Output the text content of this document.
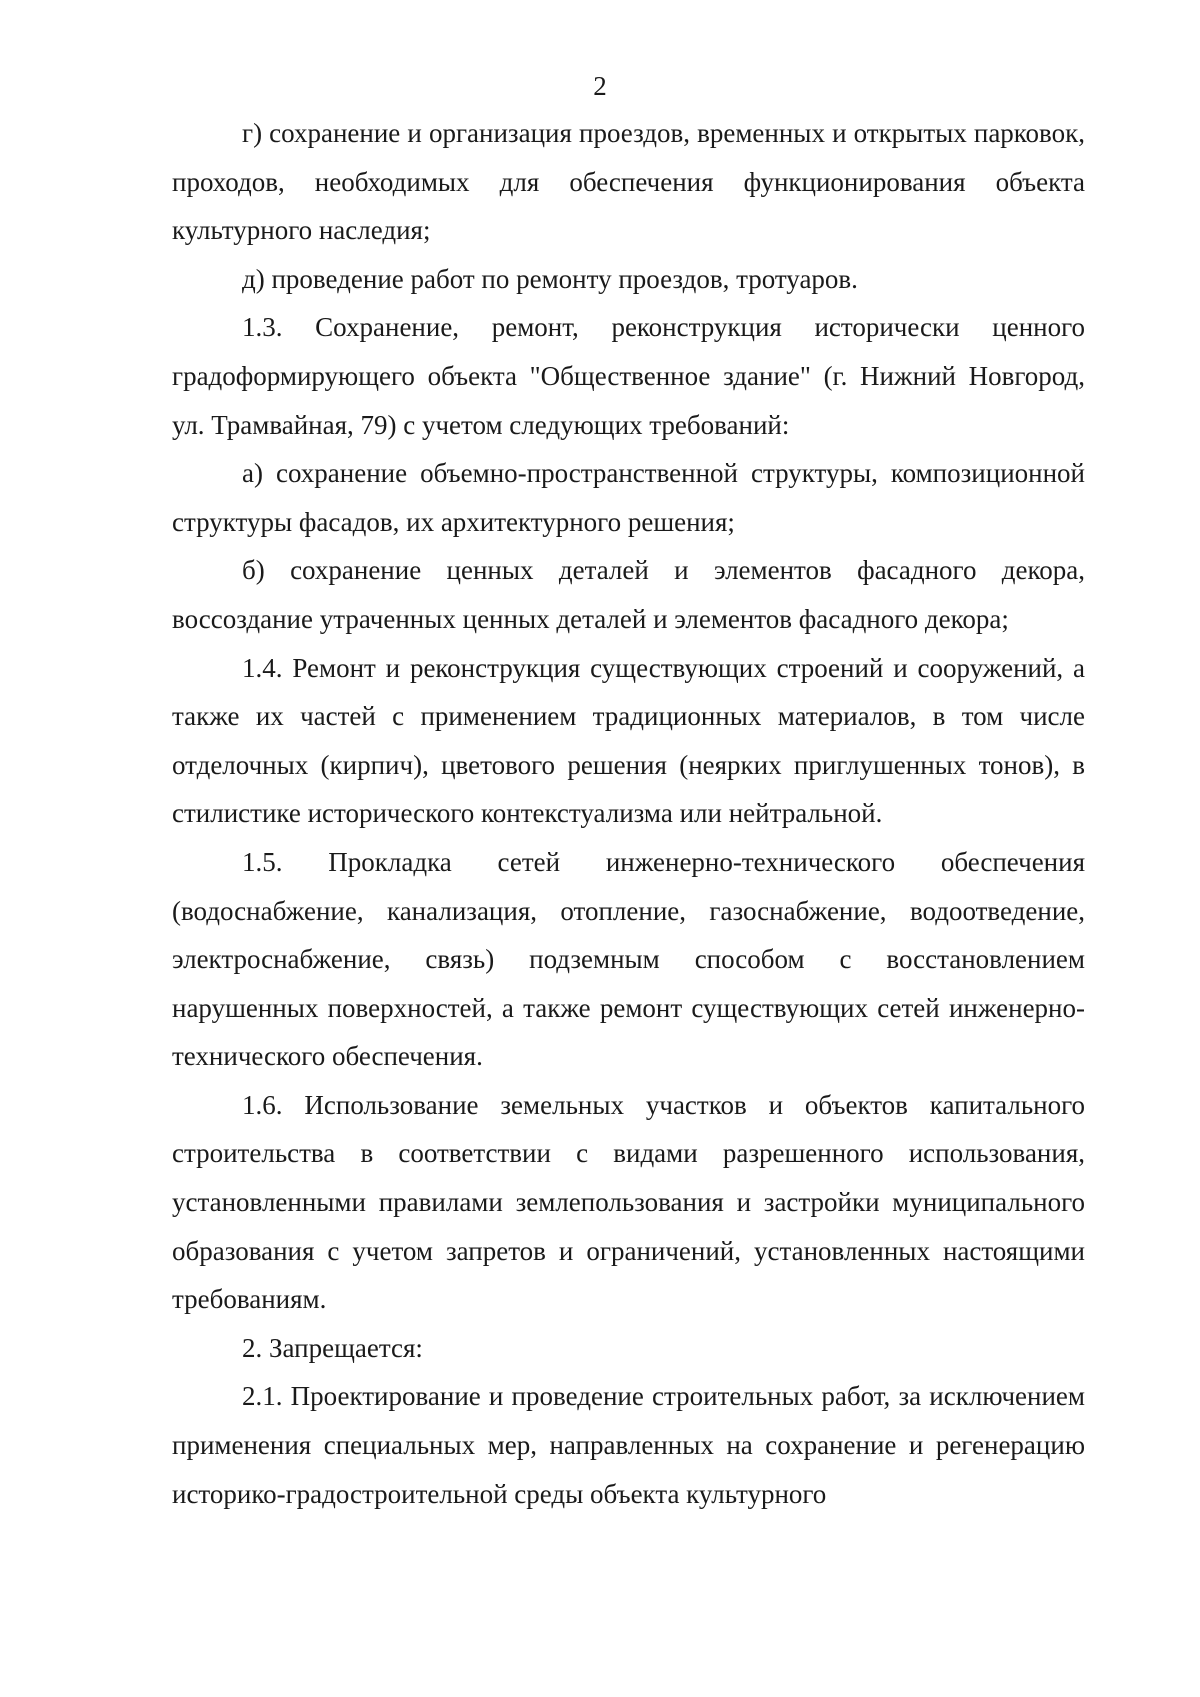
2

г) сохранение и организация проездов, временных и открытых парковок, проходов, необходимых для обеспечения функционирования объекта культурного наследия;

д) проведение работ по ремонту проездов, тротуаров.

1.3. Сохранение, ремонт, реконструкция исторически ценного градоформирующего объекта "Общественное здание" (г. Нижний Новгород, ул. Трамвайная, 79) с учетом следующих требований:

а) сохранение объемно-пространственной структуры, композиционной структуры фасадов, их архитектурного решения;

б) сохранение ценных деталей и элементов фасадного декора, воссоздание утраченных ценных деталей и элементов фасадного декора;

1.4. Ремонт и реконструкция существующих строений и сооружений, а также их частей с применением традиционных материалов, в том числе отделочных (кирпич), цветового решения (неярких приглушенных тонов), в стилистике исторического контекстуализма или нейтральной.

1.5. Прокладка сетей инженерно-технического обеспечения (водоснабжение, канализация, отопление, газоснабжение, водоотведение, электроснабжение, связь) подземным способом с восстановлением нарушенных поверхностей, а также ремонт существующих сетей инженерно-технического обеспечения.

1.6. Использование земельных участков и объектов капитального строительства в соответствии с видами разрешенного использования, установленными правилами землепользования и застройки муниципального образования с учетом запретов и ограничений, установленных настоящими требованиям.

2. Запрещается:

2.1. Проектирование и проведение строительных работ, за исключением применения специальных мер, направленных на сохранение и регенерацию историко-градостроительной среды объекта культурного
